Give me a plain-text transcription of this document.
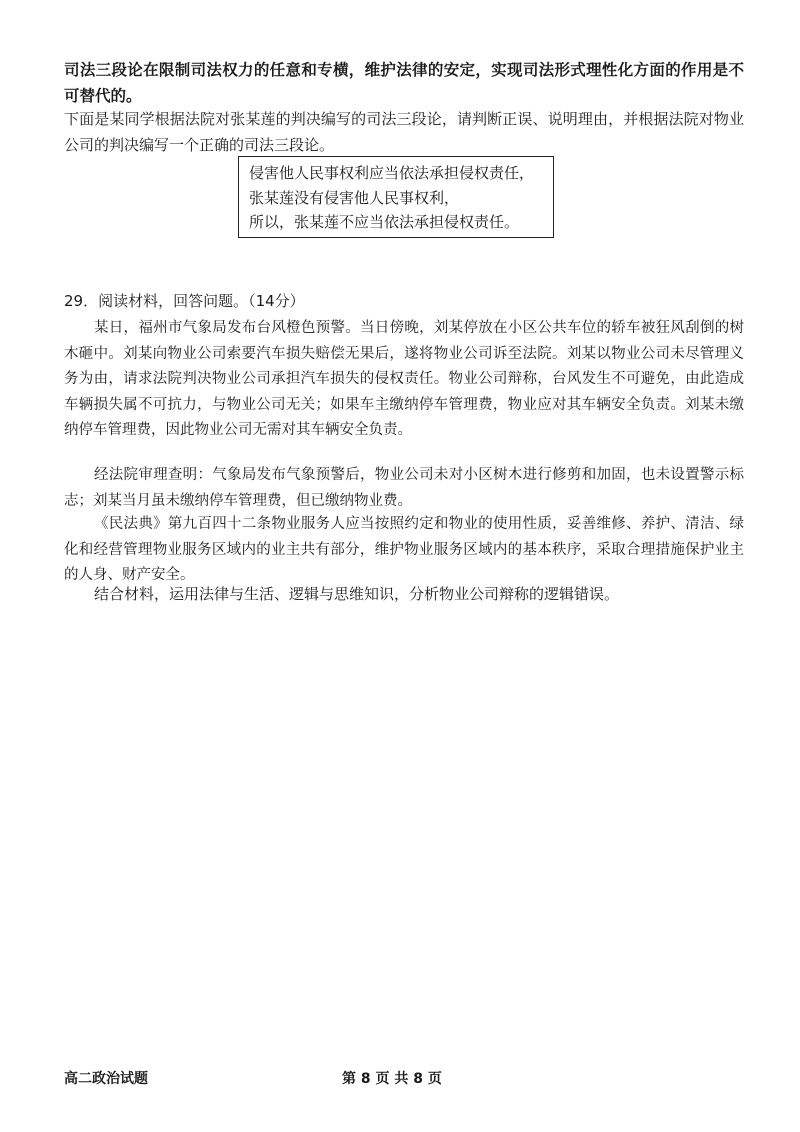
司法三段论在限制司法权力的任意和专横，维护法律的安定，实现司法形式理性化方面的作用是不可替代的。

下面是某同学根据法院对张某莲的判决编写的司法三段论，请判断正误、说明理由，并根据法院对物业公司的判决编写一个正确的司法三段论。

侵害他人民事权利应当依法承担侵权责任，
张某莲没有侵害他人民事权利，
所以，张某莲不应当依法承担侵权责任。
29．阅读材料，回答问题。（14分）

某日，福州市气象局发布台风橙色预警。当日傍晚，刘某停放在小区公共车位的轿车被狂风刮倒的树木砸中。刘某向物业公司索要汽车损失赔偿无果后，遂将物业公司诉至法院。刘某以物业公司未尽管理义务为由，请求法院判决物业公司承担汽车损失的侵权责任。物业公司辩称，台风发生不可避免，由此造成车辆损失属不可抗力，与物业公司无关；如果车主缴纳停车管理费，物业应对其车辆安全负责。刘某未缴纳停车管理费，因此物业公司无需对其车辆安全负责。

经法院审理查明：气象局发布气象预警后，物业公司未对小区树木进行修剪和加固，也未设置警示标志；刘某当月虽未缴纳停车管理费，但已缴纳物业费。

《民法典》第九百四十二条物业服务人应当按照约定和物业的使用性质，妥善维修、养护、清洁、绿化和经营管理物业服务区域内的业主共有部分，维护物业服务区域内的基本秩序，采取合理措施保护业主的人身、财产安全。

结合材料，运用法律与生活、逻辑与思维知识，分析物业公司辩称的逻辑错误。

高二政治试题	第 8 页 共 8 页
